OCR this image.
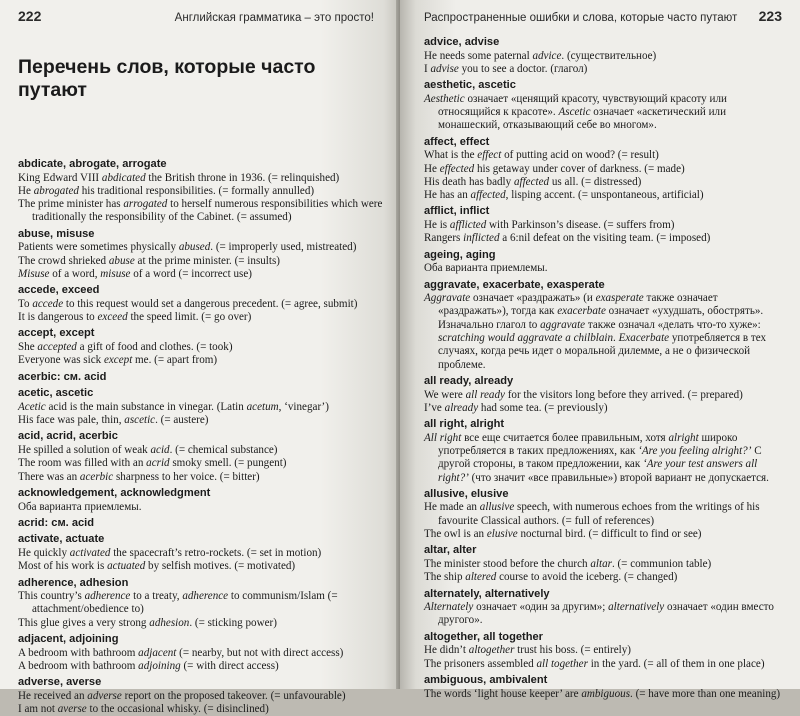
222	Английская грамматика – это просто!
Перечень слов, которые часто путают
abdicate, abrogate, arrogate
King Edward VIII abdicated the British throne in 1936. (= relinquished)
He abrogated his traditional responsibilities. (= formally annulled)
The prime minister has arrogated to herself numerous responsibilities which were traditionally the responsibility of the Cabinet. (= assumed)
abuse, misuse
Patients were sometimes physically abused. (= improperly used, mistreated)
The crowd shrieked abuse at the prime minister. (= insults)
Misuse of a word, misuse of a word (= incorrect use)
accede, exceed
To accede to this request would set a dangerous precedent. (= agree, submit)
It is dangerous to exceed the speed limit. (= go over)
accept, except
She accepted a gift of food and clothes. (= took)
Everyone was sick except me. (= apart from)
acerbic: см. acid
acetic, ascetic
Acetic acid is the main substance in vinegar. (Latin acetum, ‘vinegar’)
His face was pale, thin, ascetic. (= austere)
acid, acrid, acerbic
He spilled a solution of weak acid. (= chemical substance)
The room was filled with an acrid smoky smell. (= pungent)
There was an acerbic sharpness to her voice. (= bitter)
acknowledgement, acknowledgment
Оба варианта приемлемы.
acrid: см. acid
activate, actuate
He quickly activated the spacecraft’s retro-rockets. (= set in motion)
Most of his work is actuated by selfish motives. (= motivated)
adherence, adhesion
This country’s adherence to a treaty, adherence to communism/Islam (= attachment/obedience to)
This glue gives a very strong adhesion. (= sticking power)
adjacent, adjoining
A bedroom with bathroom adjacent (= nearby, but not with direct access)
A bedroom with bathroom adjoining (= with direct access)
adverse, averse
He received an adverse report on the proposed takeover. (= unfavourable)
I am not averse to the occasional whisky. (= disinclined)
Распространенные ошибки и слова, которые часто путают 223
advice, advise
He needs some paternal advice. (существительное)
I advise you to see a doctor. (глагол)
aesthetic, ascetic
Aesthetic означает «ценящий красоту, чувствующий красоту или относящийся к красоте». Ascetic означает «аскетический или монашеский, отказывающий себе во многом».
affect, effect
What is the effect of putting acid on wood? (= result)
He effected his getaway under cover of darkness. (= made)
His death has badly affected us all. (= distressed)
He has an affected, lisping accent. (= unspontaneous, artificial)
afflict, inflict
He is afflicted with Parkinson’s disease. (= suffers from)
Rangers inflicted a 6:nil defeat on the visiting team. (= imposed)
ageing, aging
Оба варианта приемлемы.
aggravate, exacerbate, exasperate
Aggravate означает «раздражать» (и exasperate также означает «раздражать»), тогда как exacerbate означает «ухудшать, обострять». Изначально глагол to aggravate также означал «делать что-то хуже»: scratching would aggravate a chilblain. Exacerbate употребляется в тех случаях, когда речь идет о моральной дилемме, а не о физической проблеме.
all ready, already
We were all ready for the visitors long before they arrived. (= prepared)
I’ve already had some tea. (= previously)
all right, alright
All right все еще считается более правильным, хотя alright широко употребляется в таких предложениях, как ‘Are you feeling alright?’ С другой стороны, в таком предложении, как ‘Are your test answers all right?’ (что значит «все правильные») второй вариант не допускается.
allusive, elusive
He made an allusive speech, with numerous echoes from the writings of his favourite Classical authors. (= full of references)
The owl is an elusive nocturnal bird. (= difficult to find or see)
altar, alter
The minister stood before the church altar. (= communion table)
The ship altered course to avoid the iceberg. (= changed)
alternately, alternatively
Alternately означает «один за другим»; alternatively означает «один вместо другого».
altogether, all together
He didn’t altogether trust his boss. (= entirely)
The prisoners assembled all together in the yard. (= all of them in one place)
ambiguous, ambivalent
The words ‘light house keeper’ are ambiguous. (= have more than one meaning)
